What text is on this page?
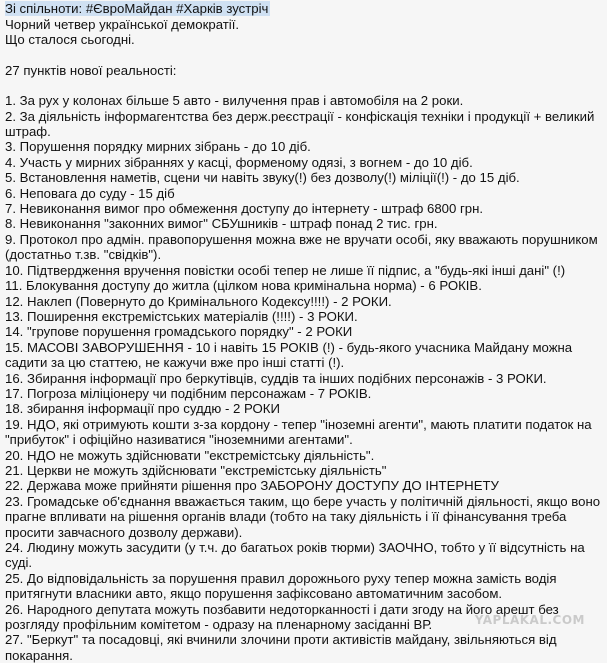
Зі спільноти: #ЄвроМайдан #Харків зустріч
Чорний четвер української демократії.
Що сталося сьогодні.
27 пунктів нової реальності:
1. За рух у колонах більше 5 авто - вилучення прав і автомобіля на 2 роки.
2. За діяльність інформагентства без держ.реєстрації - конфіскація техніки і продукції + великий штраф.
3. Порушення порядку мирних зібрань - до 10 діб.
4. Участь у мирних зібраннях у касці, форменому одязі, з вогнем - до 10 діб.
5. Встановлення наметів, сцени чи навіть звуку(!) без дозволу(!) міліції(!) - до 15 діб.
6. Неповага до суду - 15 діб
7. Невиконання вимог про обмеження доступу до інтернету - штраф 6800 грн.
8. Невиконання "законних вимог" СБУшників - штраф понад 2 тис. грн.
9. Протокол про адмін. правопорушення можна вже не вручати особі, яку вважають порушником (достатньо т.зв. "свідків").
10. Підтвердження вручення повістки особі тепер не лише її підпис, а "будь-які інші дані" (!)
11. Блокування доступу до житла (цілком нова кримінальна норма) - 6 РОКІВ.
12. Наклеп (Повернуто до Кримінального Кодексу!!!!) - 2 РОКИ.
13. Поширення екстремістських матеріалів (!!!!) - 3 РОКИ.
14. "групове порушення громадського порядку" - 2 РОКИ
15. МАСОВІ ЗАВОРУШЕННЯ - 10 і навіть 15 РОКІВ (!) - будь-якого учасника Майдану можна садити за цю статтею, не кажучи вже про інші статті (!).
16. Збирання інформації про беркутівців, суддів та інших подібних персонажів - 3 РОКИ.
17. Погроза міліціонеру чи подібним персонажам - 7 РОКІВ.
18. збирання інформації про суддю - 2 РОКИ
19. НДО, які отримують кошти з-за кордону - тепер "іноземні агенти", мають платити податок на "прибуток" і офіційно називатися "іноземними агентами".
20. НДО не можуть здійснювати "екстремістську діяльність".
21. Церкви не можуть здійснювати "екстремістську діяльність"
22. Держава може прийняти рішення про ЗАБОРОНУ ДОСТУПУ ДО ІНТЕРНЕТУ
23. Громадське об'єднання вважається таким, що бере участь у політичній діяльності, якщо воно прагне впливати на рішення органів влади (тобто на таку діяльність і її фінансування треба просити завчасного дозволу держави).
24. Людину можуть засудити (у т.ч. до багатьох років тюрми) ЗАОЧНО, тобто у її відсутність на суді.
25. До відповідальність за порушення правил дорожнього руху тепер можна замість водія притягнути власники авто, якщо порушення зафіксовано автоматичним засобом.
26. Народного депутата можуть позбавити недоторканності і дати згоду на його арешт без розгляду профільним комітетом - одразу на пленарному засіданні ВР.
27. "Беркут" та посадовці, які вчинили злочини проти активістів майдану, звільняються від покарання.
YAPLAKAL.COM
